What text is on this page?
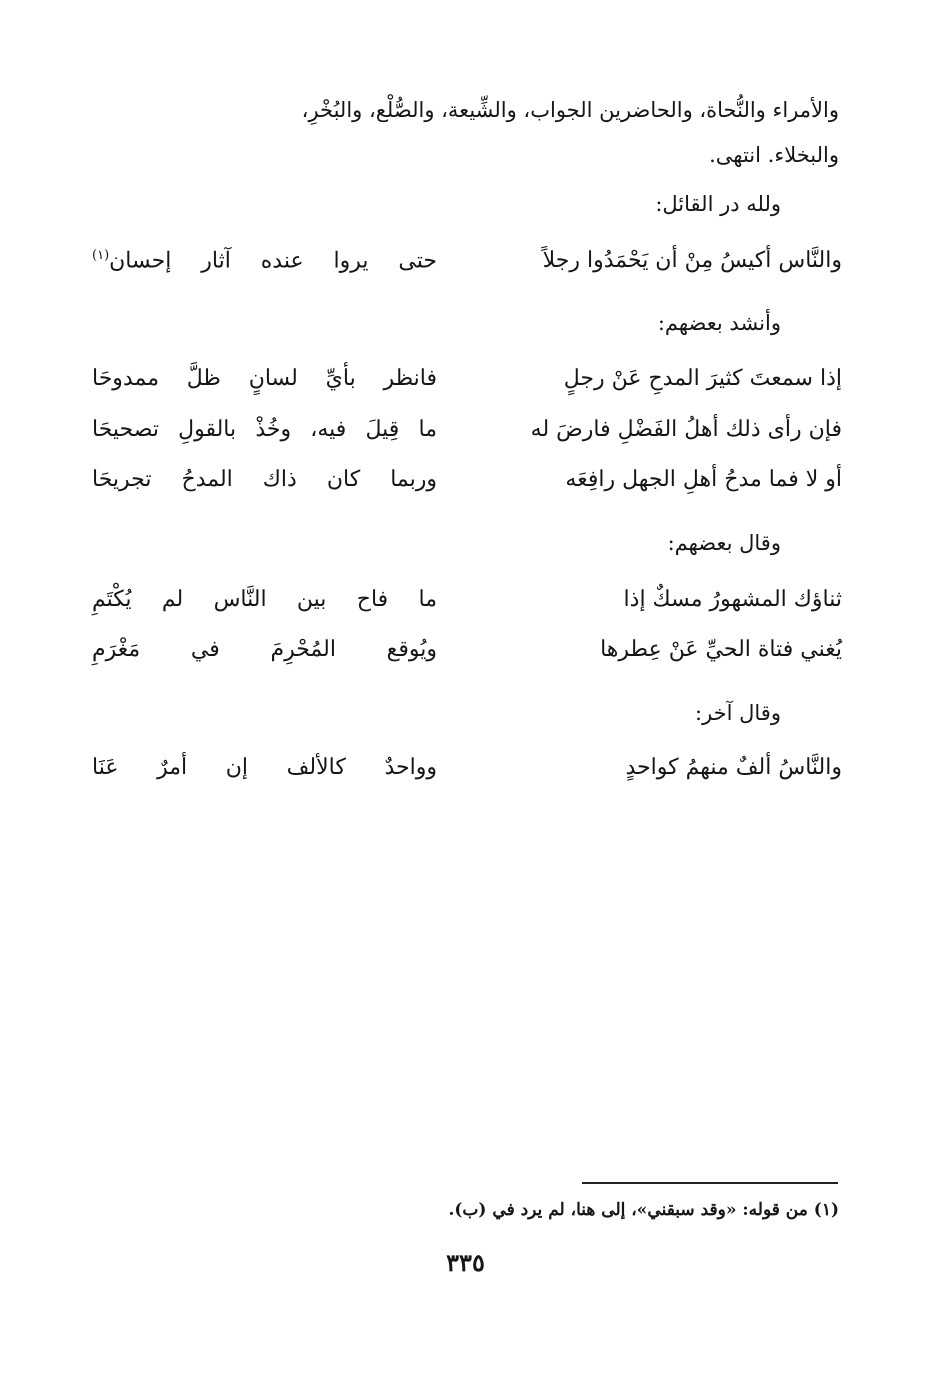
والأمراء والنُّحاة، والحاضرين الجواب، والشِّيعة، والصُّلْع، والبُخْرِ،
والبخلاء. انتهى.
ولله در القائل:
والنَّاس أكيسُ مِنْ أن يَحْمَدُوا رجلاً
حتى يروا عنده آثار إحسان$^{(١)}$
وأنشد بعضهم:
إذا سمعتَ كثيرَ المدحِ عَنْ رجلٍ
فانظر بأيِّ لسانٍ ظلَّ ممدوحَا
فإن رأى ذلك أهلُ الفَضْلِ فارضَ له
ما قِيلَ فيه، وخُذْ بالقولِ تصحيحَا
أو لا فما مدحُ أهلِ الجهل رافِعَه
وربما كان ذاك المدحُ تجريحَا
وقال بعضهم:
ثناؤك المشهورُ مسكٌ إذا
ما فاح بين النَّاس لم يُكْتَمِ
يُغني فتاة الحيِّ عَنْ عِطرها
ويُوقع المُحْرِمَ في مَغْرَمِ
وقال آخر:
والنَّاسُ ألفٌ منهمُ كواحدٍ
وواحدٌ كالألف إن أمرٌ عَنَا
(١) من قوله: «وقد سبقني»، إلى هنا، لم يرد في (ب).
٣٣٥
